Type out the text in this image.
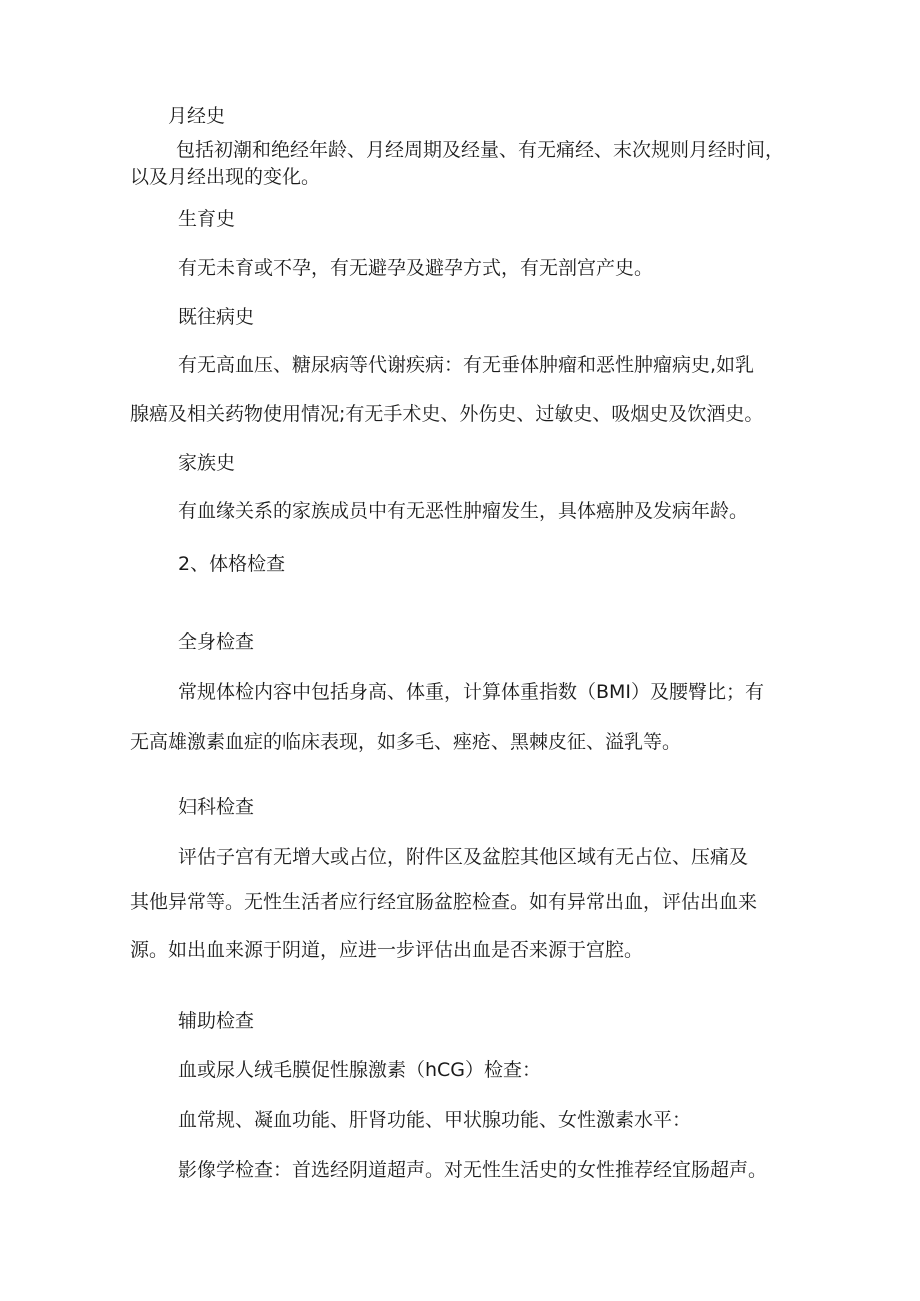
月经史

包括初潮和绝经年龄、月经周期及经量、有无痛经、末次规则月经时间，

以及月经出现的变化。

生育史

有无未育或不孕，有无避孕及避孕方式，有无剖宫产史。

既往病史

有无高血压、糖尿病等代谢疾病：有无垂体肿瘤和恶性肿瘤病史,如乳

腺癌及相关药物使用情况;有无手术史、外伤史、过敏史、吸烟史及饮酒史。

家族史

有血缘关系的家族成员中有无恶性肿瘤发生，具体癌肿及发病年龄。

2、体格检查

全身检查

常规体检内容中包括身高、体重，计算体重指数（BMI）及腰臀比；有

无高雄激素血症的临床表现，如多毛、痤疮、黑棘皮征、溢乳等。

妇科检查

评估子宫有无增大或占位，附件区及盆腔其他区域有无占位、压痛及

其他异常等。无性生活者应行经宜肠盆腔检查。如有异常出血，评估出血来

源。如出血来源于阴道，应进一步评估出血是否来源于宫腔。

辅助检查

血或尿人绒毛膜促性腺激素（hCG）检查：

血常规、凝血功能、肝肾功能、甲状腺功能、女性激素水平：

影像学检查：首选经阴道超声。对无性生活史的女性推荐经宜肠超声。
